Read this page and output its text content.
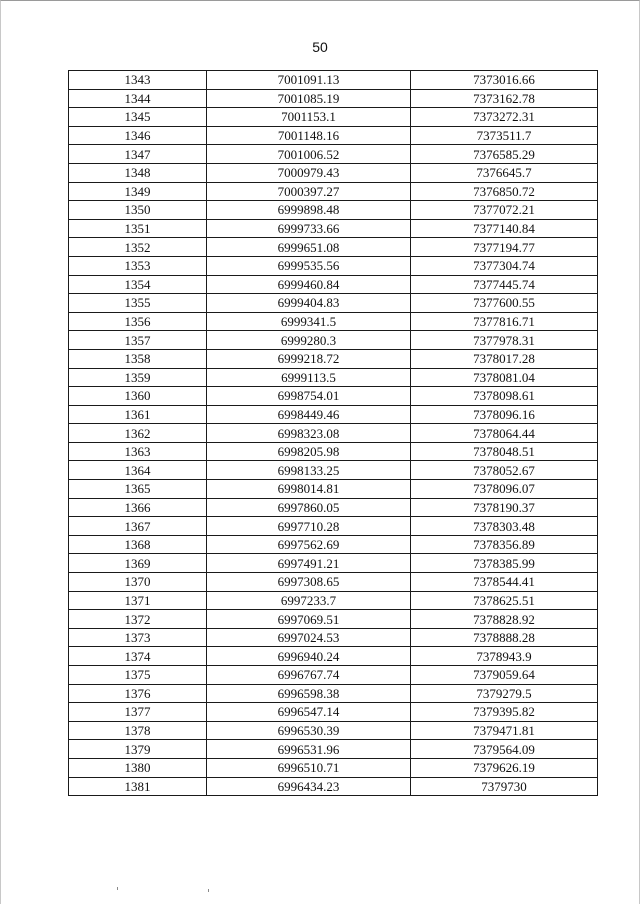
50
1343	7001091.13	7373016.66
1344	7001085.19	7373162.78
1345	7001153.1	7373272.31
1346	7001148.16	7373511.7
1347	7001006.52	7376585.29
1348	7000979.43	7376645.7
1349	7000397.27	7376850.72
1350	6999898.48	7377072.21
1351	6999733.66	7377140.84
1352	6999651.08	7377194.77
1353	6999535.56	7377304.74
1354	6999460.84	7377445.74
1355	6999404.83	7377600.55
1356	6999341.5	7377816.71
1357	6999280.3	7377978.31
1358	6999218.72	7378017.28
1359	6999113.5	7378081.04
1360	6998754.01	7378098.61
1361	6998449.46	7378096.16
1362	6998323.08	7378064.44
1363	6998205.98	7378048.51
1364	6998133.25	7378052.67
1365	6998014.81	7378096.07
1366	6997860.05	7378190.37
1367	6997710.28	7378303.48
1368	6997562.69	7378356.89
1369	6997491.21	7378385.99
1370	6997308.65	7378544.41
1371	6997233.7	7378625.51
1372	6997069.51	7378828.92
1373	6997024.53	7378888.28
1374	6996940.24	7378943.9
1375	6996767.74	7379059.64
1376	6996598.38	7379279.5
1377	6996547.14	7379395.82
1378	6996530.39	7379471.81
1379	6996531.96	7379564.09
1380	6996510.71	7379626.19
1381	6996434.23	7379730
